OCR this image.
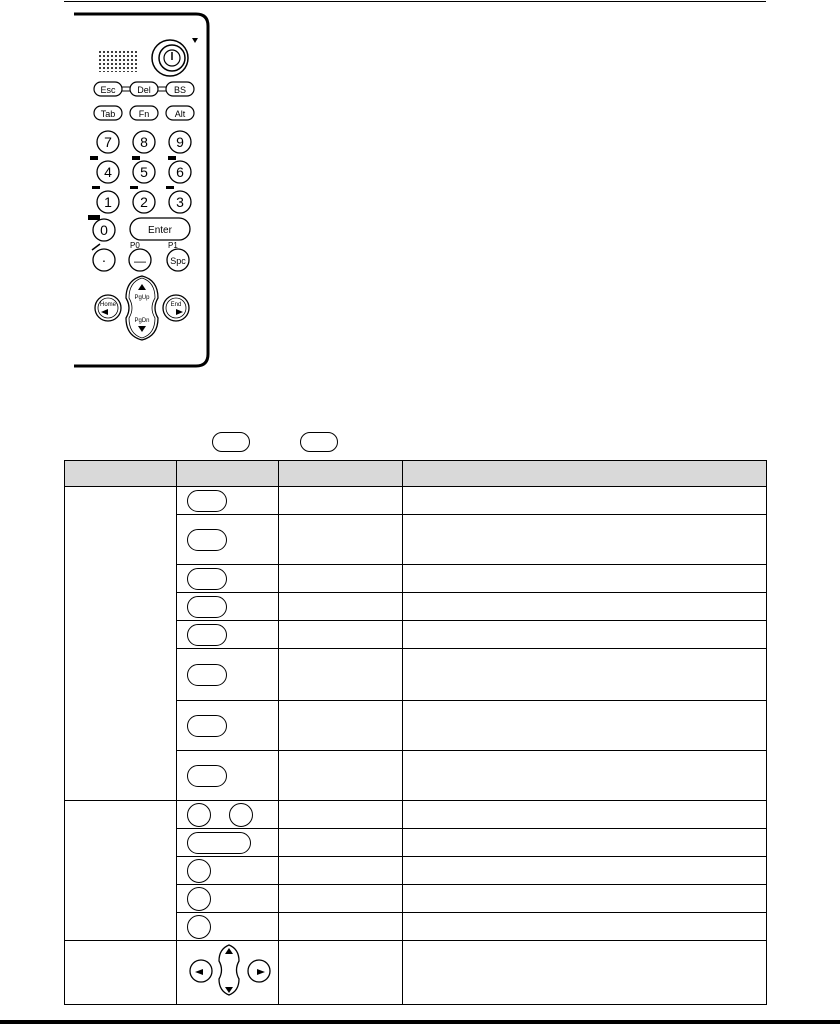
Esc Del	BS
Tab	Fn	Alt
7 8 9
4 5 6
1 2 3
0	Enter
·
P0
—
P1
Spc
Home	End
PgUp
PgDn
